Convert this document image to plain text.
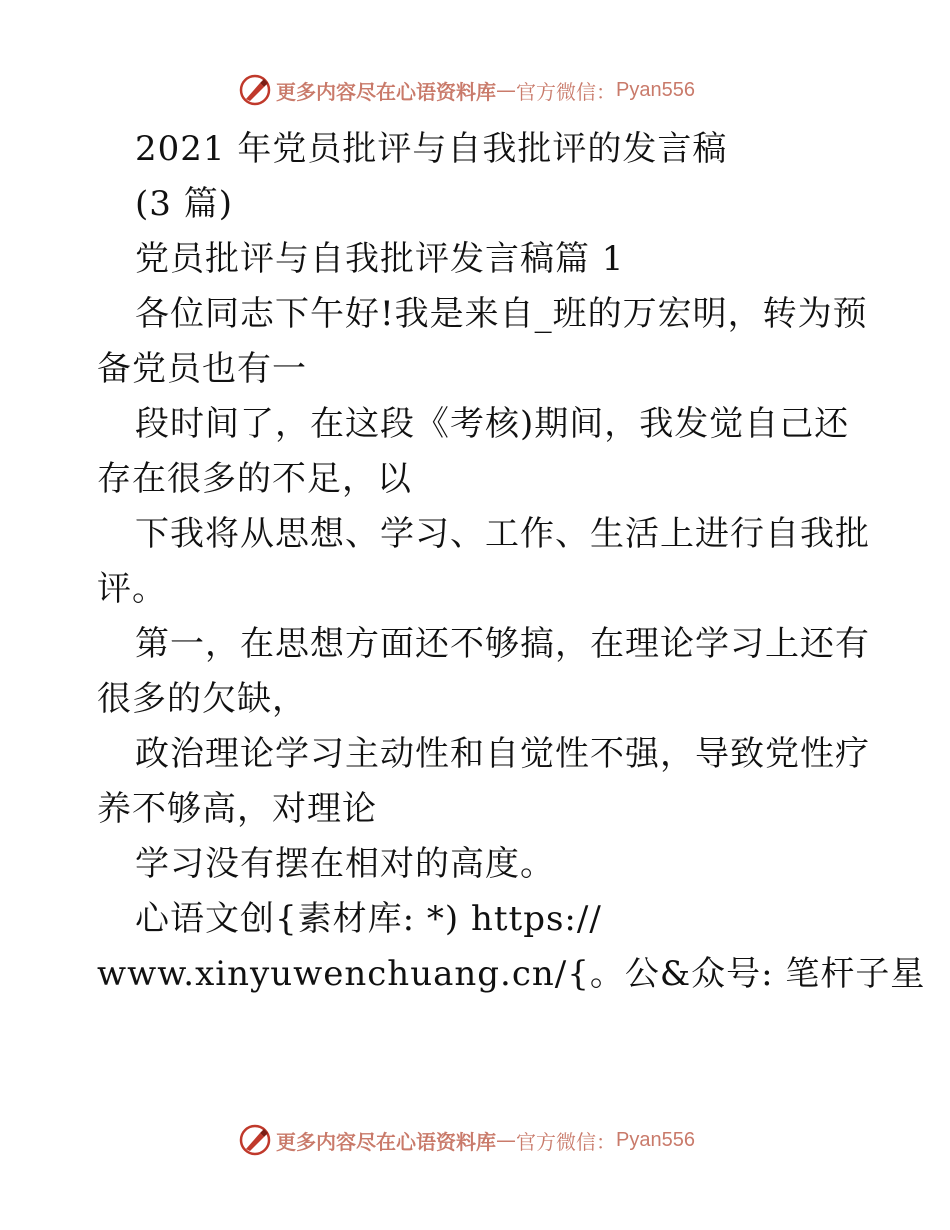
更多内容尽在心语资料库 — 官方微信： Pyan556

2021 年党员批评与自我批评的发言稿

(3 篇)

党员批评与自我批评发言稿篇 1

各位同志下午好!我是来自_班的万宏明，转为预

备党员也有一

段时间了，在这段《考核)期间，我发觉自己还

存在很多的不足，以

下我将从思想、学习、工作、生活上进行自我批

评。

第一，在思想方面还不够搞，在理论学习上还有

很多的欠缺，

政治理论学习主动性和自觉性不强，导致党性疗

养不够高，对理论

学习没有摆在相对的高度。

心语文创{素材库: *) https://

www.xinyuwenchuang.cn/{。公&众号: 笔杆子星

更多内容尽在心语资料库 — 官方微信： Pyan556
